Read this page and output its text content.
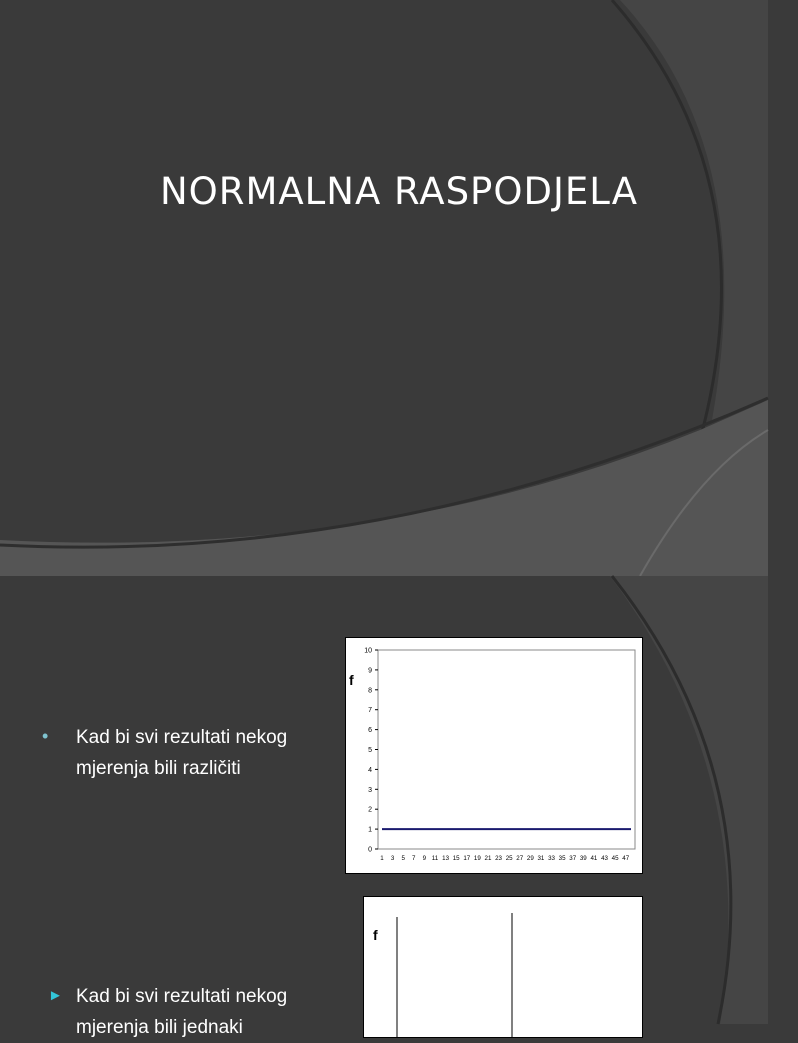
NORMALNA RASPODJELA
• Kad bi svi rezultati nekog mjerenja bili različiti
► Kad bi svi rezultati nekog mjerenja bili jednaki
f
0
1
2
3
4
5
6
7
8
9
10
1 3 5 7 9 11 13 15 17 19 21 23 25 27 29 31 33 35 37 39 41 43 45 47
f
